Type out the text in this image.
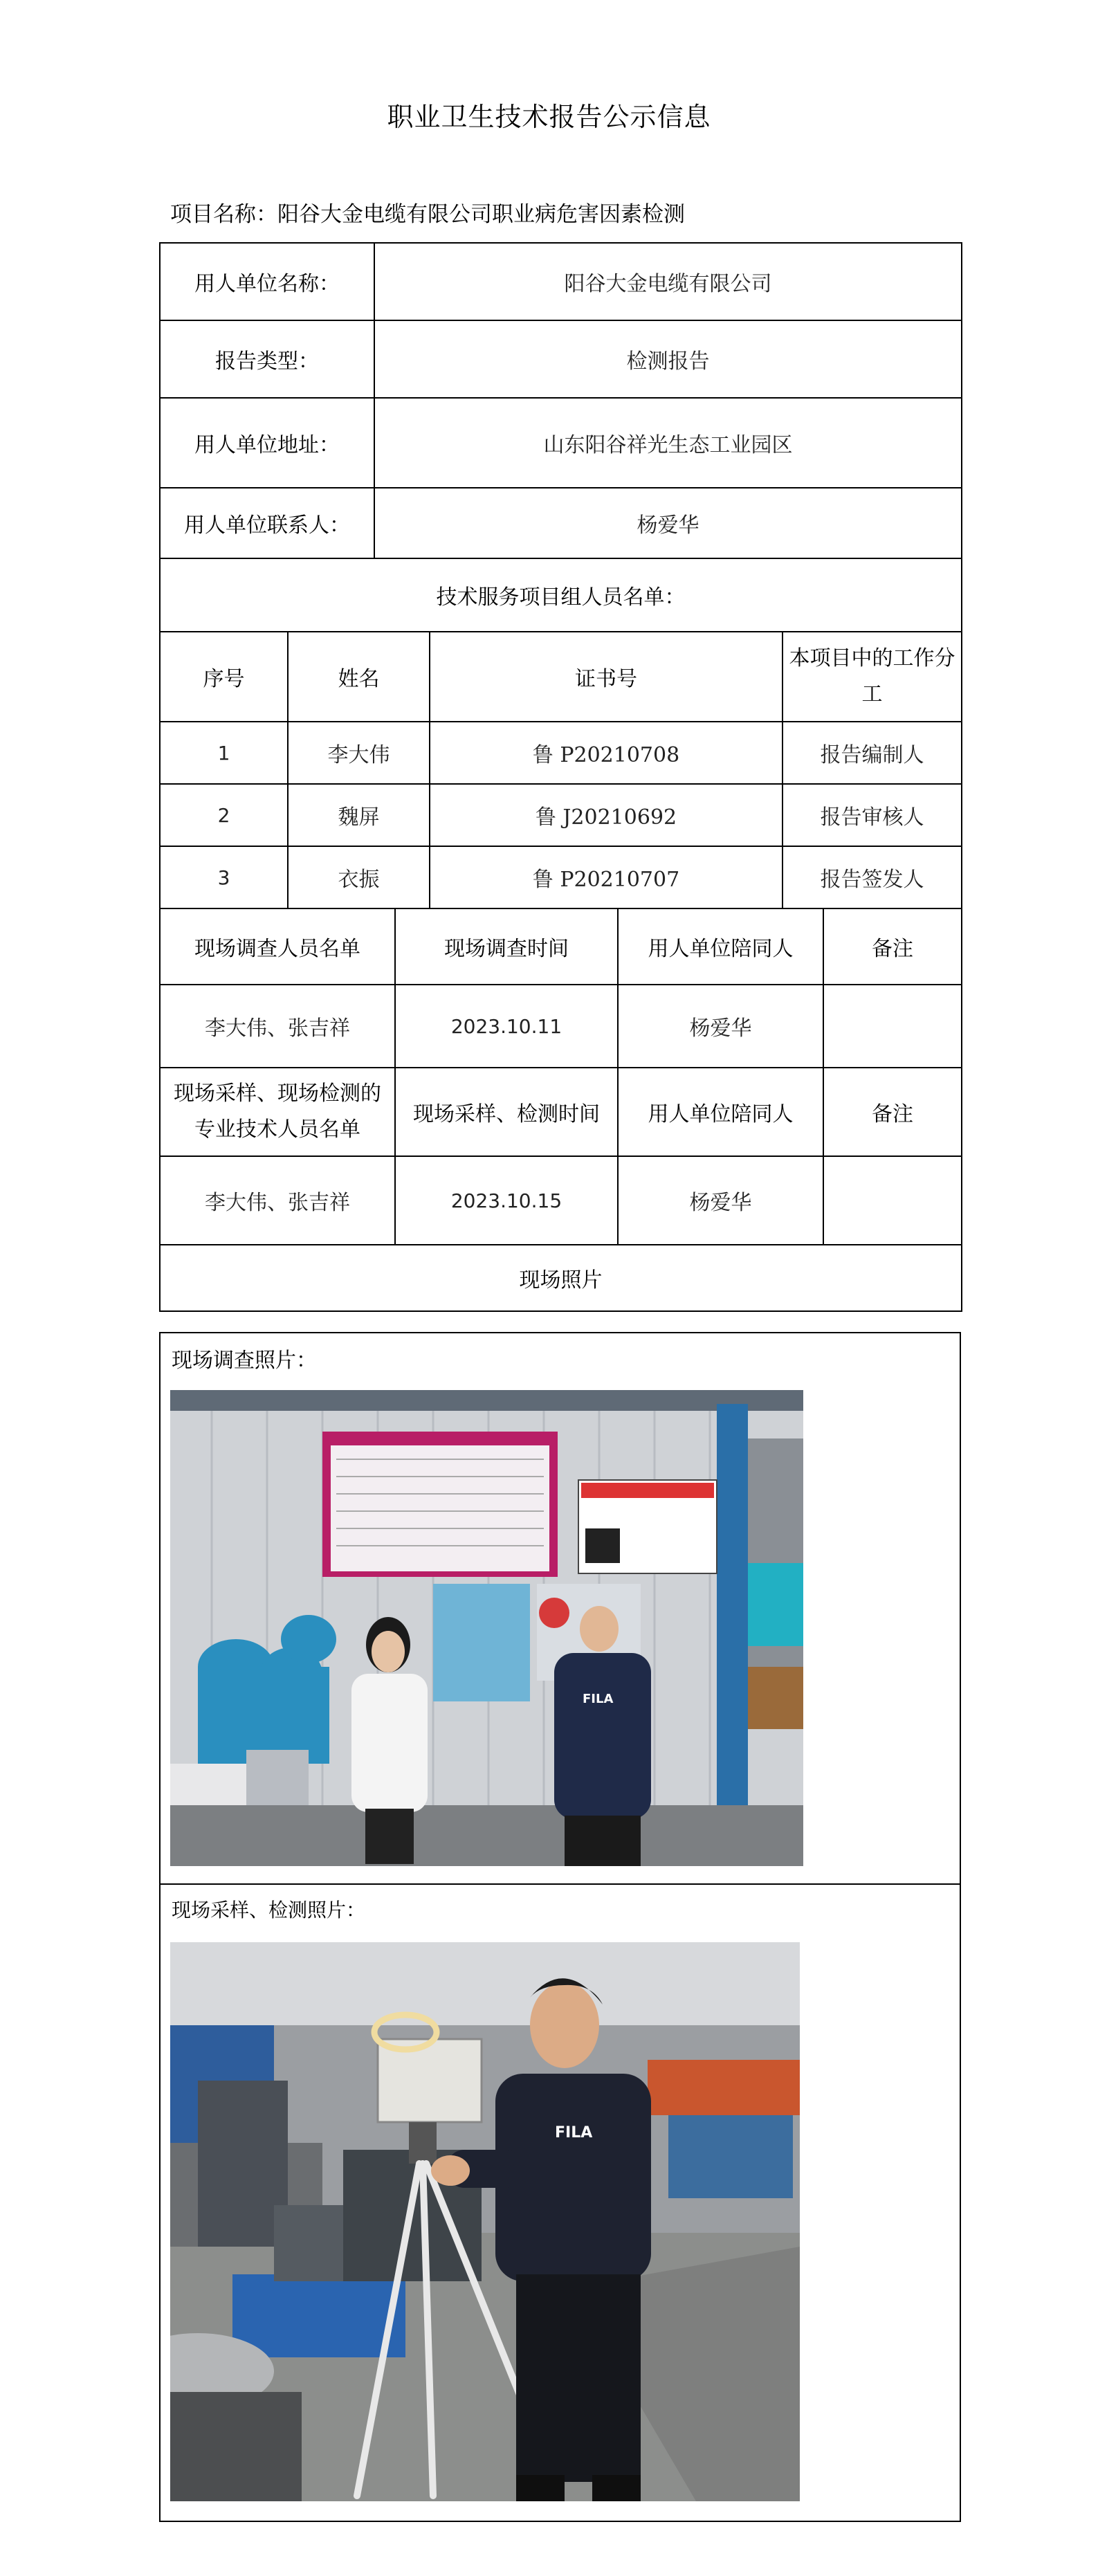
职业卫生技术报告公示信息
项目名称：阳谷大金电缆有限公司职业病危害因素检测
用人单位名称：	阳谷大金电缆有限公司
报告类型：	检测报告
用人单位地址：	山东阳谷祥光生态工业园区
用人单位联系人：	杨爱华
技术服务项目组人员名单：	
序号	姓名	证书号	本项目中的工作分工
1	李大伟	鲁 P20210708	报告编制人
2	魏屏	鲁 J20210692	报告审核人
3	衣振	鲁 P20210707	报告签发人
现场调查人员名单	现场调查时间	用人单位陪同人	备注
李大伟、张吉祥	2023.10.11	杨爱华	
现场采样、现场检测的专业技术人员名单	现场采样、检测时间	用人单位陪同人	备注
李大伟、张吉祥	2023.10.15	杨爱华	
现场照片			
现场调查照片：
FILA
现场采样、检测照片：
FILA
